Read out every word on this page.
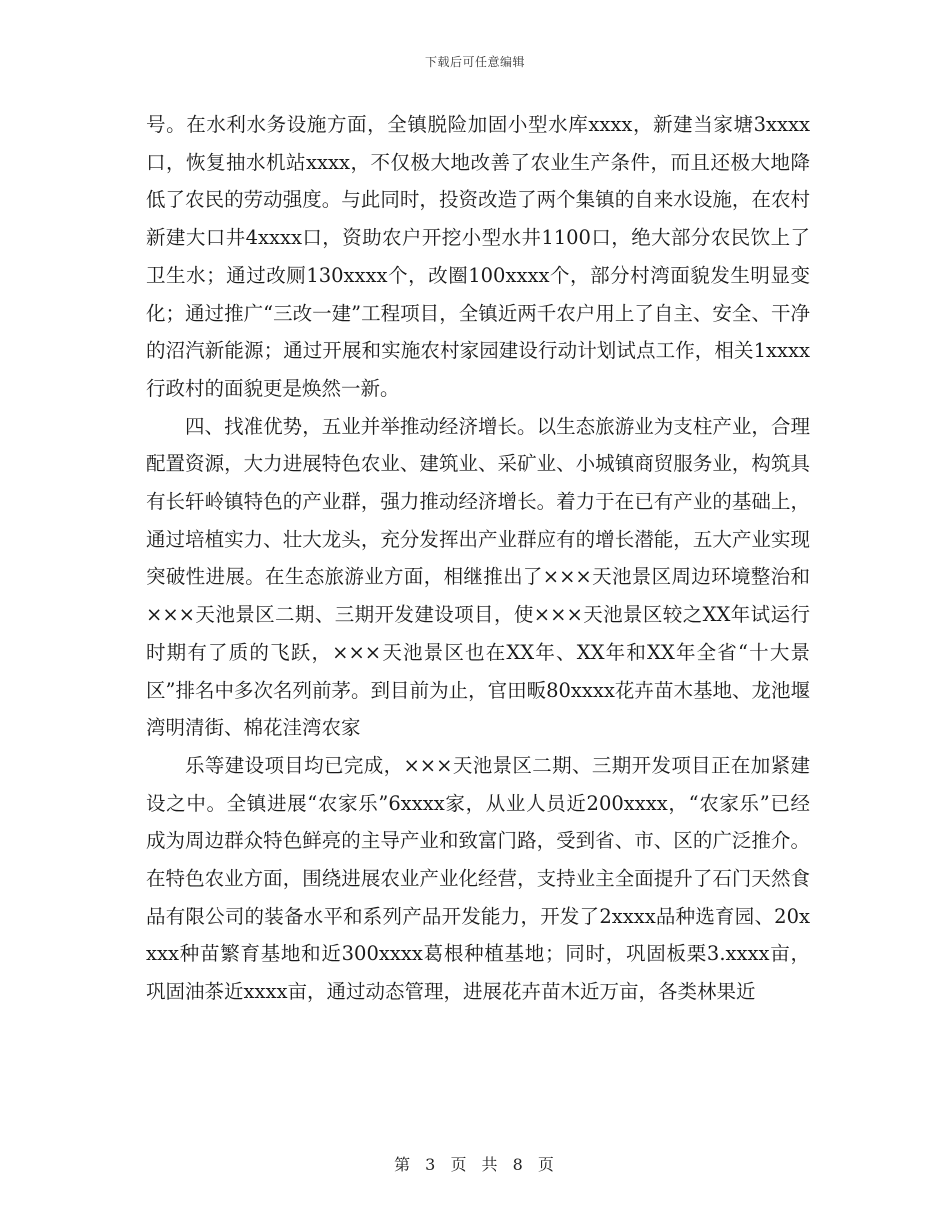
下载后可任意编辑

号。在水利水务设施方面，全镇脱险加固小型水库xxxx，新建当家塘3xxxx口，恢复抽水机站xxxx，不仅极大地改善了农业生产条件，而且还极大地降低了农民的劳动强度。与此同时，投资改造了两个集镇的自来水设施，在农村新建大口井4xxxx口，资助农户开挖小型水井1100口，绝大部分农民饮上了卫生水；通过改厕130xxxx个，改圈100xxxx个，部分村湾面貌发生明显变化；通过推广“三改一建”工程项目，全镇近两千农户用上了自主、安全、干净的沼汽新能源；通过开展和实施农村家园建设行动计划试点工作，相关1xxxx行政村的面貌更是焕然一新。

四、找准优势，五业并举推动经济增长。以生态旅游业为支柱产业，合理配置资源，大力进展特色农业、建筑业、采矿业、小城镇商贸服务业，构筑具有长轩岭镇特色的产业群，强力推动经济增长。着力于在已有产业的基础上，通过培植实力、壮大龙头，充分发挥出产业群应有的增长潜能，五大产业实现突破性进展。在生态旅游业方面，相继推出了×××天池景区周边环境整治和×××天池景区二期、三期开发建设项目，使×××天池景区较之XX年试运行时期有了质的飞跃，×××天池景区也在XX年、XX年和XX年全省“十大景区”排名中多次名列前茅。到目前为止，官田畈80xxxx花卉苗木基地、龙池堰湾明清街、棉花洼湾农家

乐等建设项目均已完成，×××天池景区二期、三期开发项目正在加紧建设之中。全镇进展“农家乐”6xxxx家，从业人员近200xxxx，“农家乐”已经成为周边群众特色鲜亮的主导产业和致富门路，受到省、市、区的广泛推介。在特色农业方面，围绕进展农业产业化经营，支持业主全面提升了石门天然食品有限公司的装备水平和系列产品开发能力，开发了2xxxx品种选育园、20xxxx种苗繁育基地和近300xxxx葛根种植基地；同时，巩固板栗3.xxxx亩，巩固油茶近xxxx亩，通过动态管理，进展花卉苗木近万亩，各类林果近

第 3 页 共 8 页
